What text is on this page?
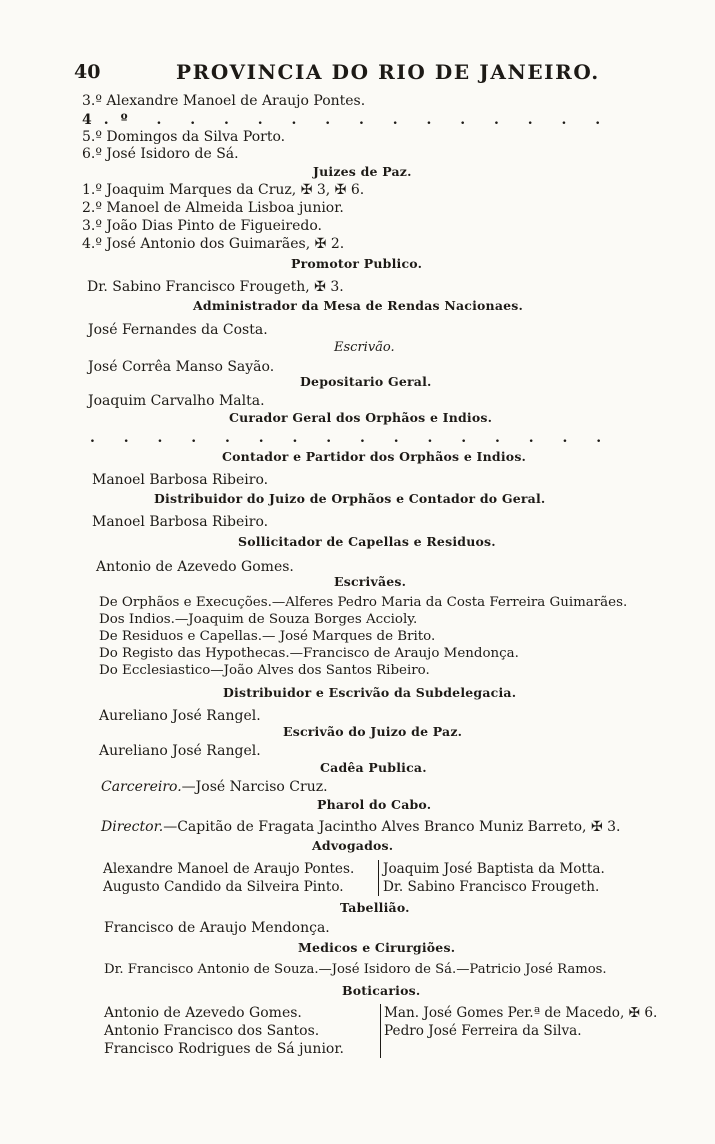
40	PROVINCIA DO RIO DE JANEIRO.
3.º Alexandre Manoel de Araujo Pontes.
4.º . . . . . . . . . . . . . .
5.º Domingos da Silva Porto.
6.º José Isidoro de Sá.
Juizes de Paz.
1.º Joaquim Marques da Cruz, ✠ 3, ✠ 6.
2.º Manoel de Almeida Lisboa junior.
3.º João Dias Pinto de Figueiredo.
4.º José Antonio dos Guimarães, ✠ 2.
Promotor Publico.
Dr. Sabino Francisco Frougeth, ✠ 3.
Administrador da Mesa de Rendas Nacionaes.
José Fernandes da Costa.
Escrivão.
José Corrêa Manso Sayão.
Depositario Geral.
Joaquim Carvalho Malta.
Curador Geral dos Orphãos e Indios.
. . . . . . . . . . . . . . . .
Contador e Partidor dos Orphãos e Indios.
Manoel Barbosa Ribeiro.
Distribuidor do Juizo de Orphãos e Contador do Geral.
Manoel Barbosa Ribeiro.
Sollicitador de Capellas e Residuos.
Antonio de Azevedo Gomes.
Escrivães.
De Orphãos e Execuções.—Alferes Pedro Maria da Costa Ferreira Guimarães.
Dos Indios.—Joaquim de Souza Borges Accioly.
De Residuos e Capellas.— José Marques de Brito.
Do Registo das Hypothecas.—Francisco de Araujo Mendonça.
Do Ecclesiastico—João Alves dos Santos Ribeiro.
Distribuidor e Escrivão da Subdelegacia.
Aureliano José Rangel.
Escrivão do Juizo de Paz.
Aureliano José Rangel.
Cadêa Publica.
Carcereiro.—José Narciso Cruz.
Pharol do Cabo.
Director.—Capitão de Fragata Jacintho Alves Branco Muniz Barreto, ✠ 3.
Advogados.
Alexandre Manoel de Araujo Pontes.
Augusto Candido da Silveira Pinto.
Joaquim José Baptista da Motta.
Dr. Sabino Francisco Frougeth.
Tabellião.
Francisco de Araujo Mendonça.
Medicos e Cirurgiões.
Dr. Francisco Antonio de Souza.—José Isidoro de Sá.—Patricio José Ramos.
Boticarios.
Antonio de Azevedo Gomes.
Antonio Francisco dos Santos.
Francisco Rodrigues de Sá junior.
Man. José Gomes Per.ª de Macedo, ✠ 6.
Pedro José Ferreira da Silva.
